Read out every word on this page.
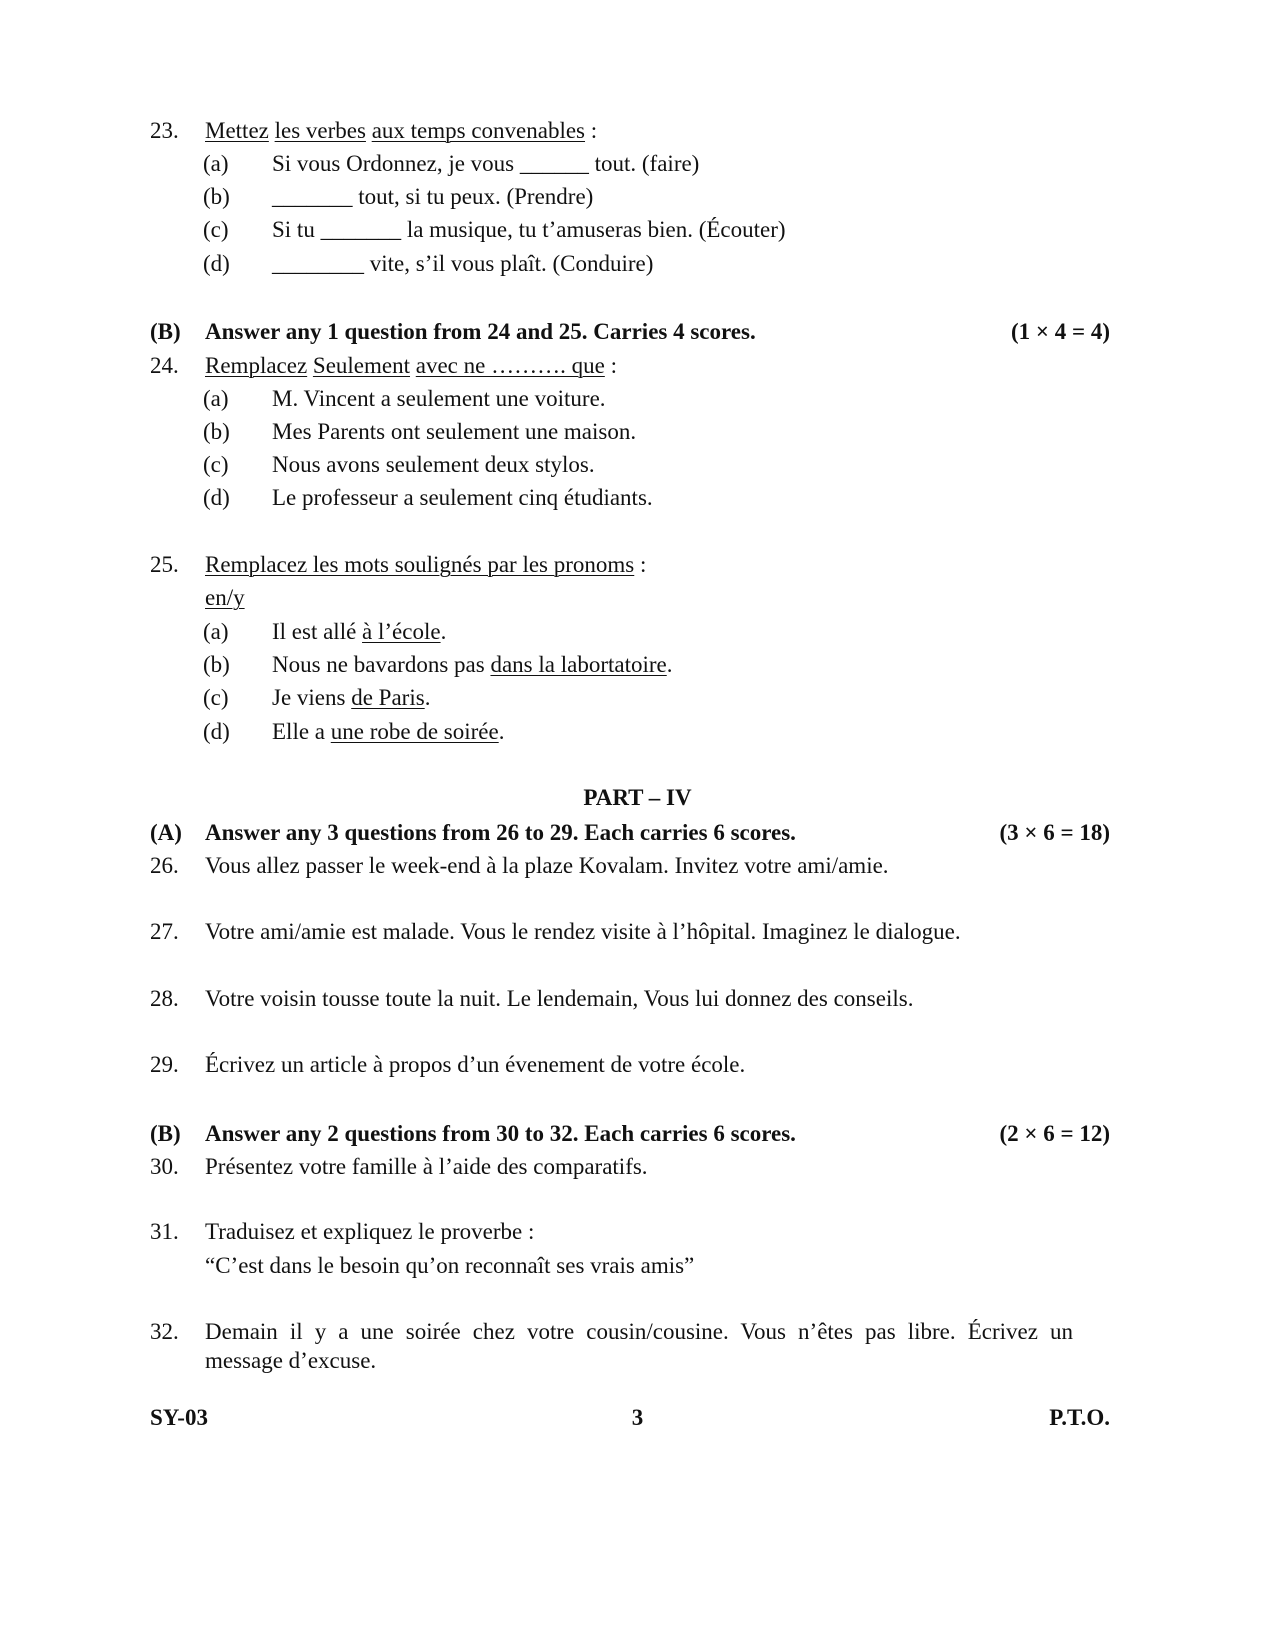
23. Mettez les verbes aux temps convenables :
(a) Si vous Ordonnez, je vous ______ tout. (faire)
(b) _______ tout, si tu peux. (Prendre)
(c) Si tu _______ la musique, tu t’amuseras bien. (Écouter)
(d) ________ vite, s’il vous plaît. (Conduire)
(B) Answer any 1 question from 24 and 25. Carries 4 scores.	(1 × 4 = 4)
24. Remplacez Seulement avec ne ………. que :
(a) M. Vincent a seulement une voiture.
(b) Mes Parents ont seulement une maison.
(c) Nous avons seulement deux stylos.
(d) Le professeur a seulement cinq étudiants.
25. Remplacez les mots soulignés par les pronoms :
en/y
(a) Il est allé à l’école.
(b) Nous ne bavardons pas dans la labortatoire.
(c) Je viens de Paris.
(d) Elle a une robe de soirée.
PART – IV
(A) Answer any 3 questions from 26 to 29. Each carries 6 scores.	(3 × 6 = 18)
26. Vous allez passer le week-end à la plaze Kovalam. Invitez votre ami/amie.
27. Votre ami/amie est malade. Vous le rendez visite à l’hôpital. Imaginez le dialogue.
28. Votre voisin tousse toute la nuit. Le lendemain, Vous lui donnez des conseils.
29. Écrivez un article à propos d’un évenement de votre école.
(B) Answer any 2 questions from 30 to 32. Each carries 6 scores.	(2 × 6 = 12)
30. Présentez votre famille à l’aide des comparatifs.
31. Traduisez et expliquez le proverbe :
“C’est dans le besoin qu’on reconnaît ses vrais amis”
32. Demain il y a une soirée chez votre cousin/cousine. Vous n’êtes pas libre. Écrivez un
message d’excuse.
SY-03	3	P.T.O.
